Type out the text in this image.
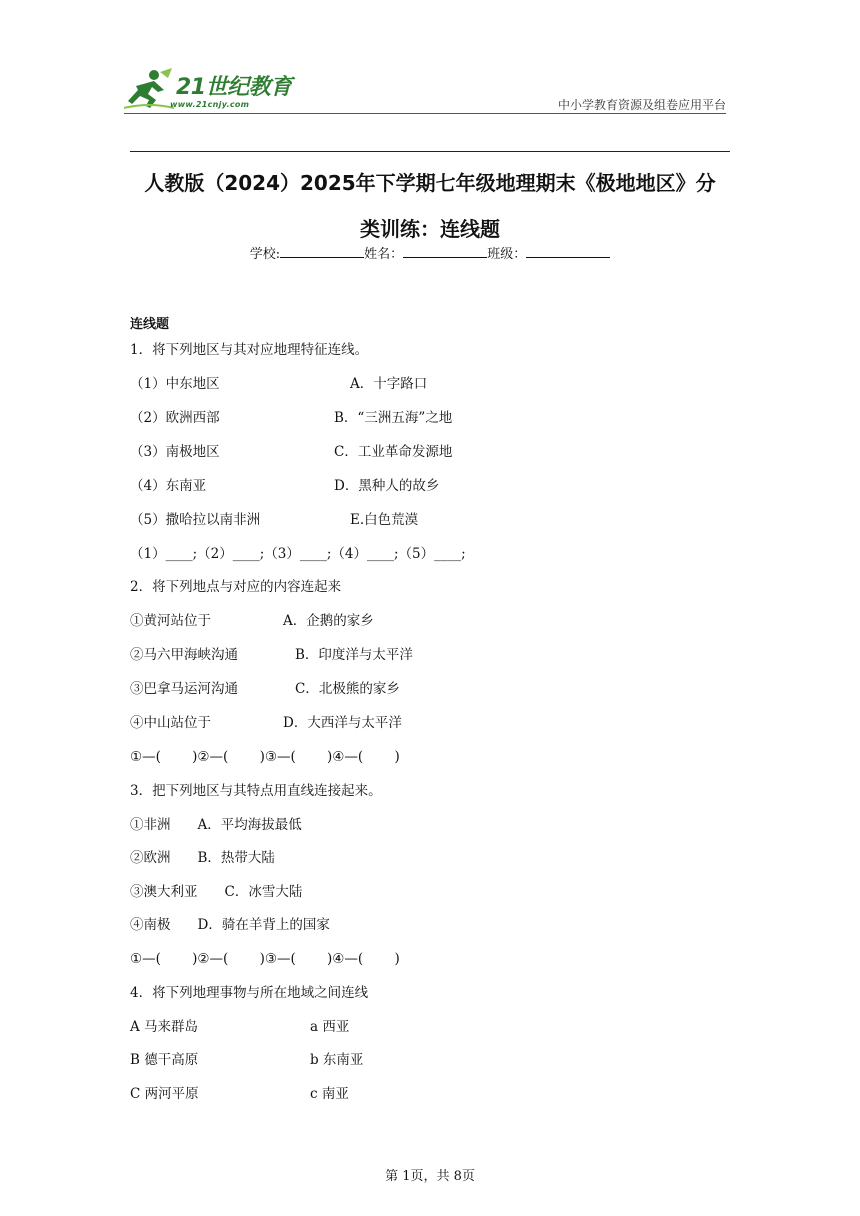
21世纪教育
www.21cnjy.com	中小学教育资源及组卷应用平台
人教版（2024）2025年下学期七年级地理期末《极地地区》分
类训练：连线题
学校:	姓名：	班级：
连线题
1．将下列地区与其对应地理特征连线。
（1）中东地区	A．十字路口
（2）欧洲西部	B．“三洲五海”之地
（3）南极地区	C．工业革命发源地
（4）东南亚	D．黑种人的故乡
（5）撒哈拉以南非洲	E.白色荒漠
（1）____;（2）____;（3）____;（4）____;（5）____;
2．将下列地点与对应的内容连起来
①黄河站位于	A．企鹅的家乡
②马六甲海峡沟通	B．印度洋与太平洋
③巴拿马运河沟通	C．北极熊的家乡
④中山站位于	D．大西洋与太平洋
①—(　　 )②—(　　 )③—(　　 )④—(　　 )
3．把下列地区与其特点用直线连接起来。
①非洲　　A．平均海拔最低
②欧洲　　B．热带大陆
③澳大利亚　　C．冰雪大陆
④南极　　D．骑在羊背上的国家
①—(　　 )②—(　　 )③—(　　 )④—(　　 )
4．将下列地理事物与所在地域之间连线
A 马来群岛	a 西亚
B 德干高原	b 东南亚
C 两河平原	c 南亚
第 1页，共 8页
